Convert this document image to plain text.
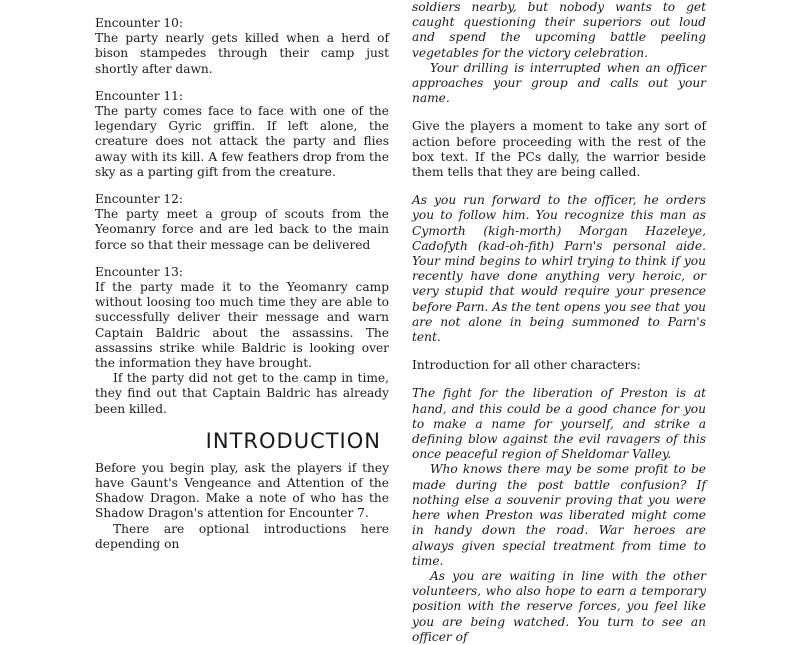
Encounter 10:

The party nearly gets killed when a herd of bison stampedes through their camp just shortly after dawn.

Encounter 11:

The party comes face to face with one of the legendary Gyric griffin. If left alone, the creature does not attack the party and flies away with its kill. A few feathers drop from the sky as a parting gift from the creature.

Encounter 12:

The party meet a group of scouts from the Yeomanry force and are led back to the main force so that their message can be delivered

Encounter 13:

If the party made it to the Yeomanry camp without loosing too much time they are able to successfully deliver their message and warn Captain Baldric about the assassins. The assassins strike while Baldric is looking over the information they have brought.

If the party did not get to the camp in time, they find out that Captain Baldric has already been killed.

INTRODUCTION

Before you begin play, ask the players if they have Gaunt's Vengeance and Attention of the Shadow Dragon. Make a note of who has the Shadow Dragon's attention for Encounter 7.

There are optional introductions here depending on

soldiers nearby, but nobody wants to get caught questioning their superiors out loud and spend the upcoming battle peeling vegetables for the victory celebration.

Your drilling is interrupted when an officer approaches your group and calls out your name.

Give the players a moment to take any sort of action before proceeding with the rest of the box text. If the PCs dally, the warrior beside them tells that they are being called.

As you run forward to the officer, he orders you to follow him. You recognize this man as Cymorth (kigh-morth) Morgan Hazeleye, Cadofyth (kad-oh-fith) Parn's personal aide. Your mind begins to whirl trying to think if you recently have done anything very heroic, or very stupid that would require your presence before Parn. As the tent opens you see that you are not alone in being summoned to Parn's tent.

Introduction for all other characters:

The fight for the liberation of Preston is at hand, and this could be a good chance for you to make a name for yourself, and strike a defining blow against the evil ravagers of this once peaceful region of Sheldomar Valley.

Who knows there may be some profit to be made during the post battle confusion? If nothing else a souvenir proving that you were here when Preston was liberated might come in handy down the road. War heroes are always given special treatment from time to time.

As you are waiting in line with the other volunteers, who also hope to earn a temporary position with the reserve forces, you feel like you are being watched. You turn to see an officer of
